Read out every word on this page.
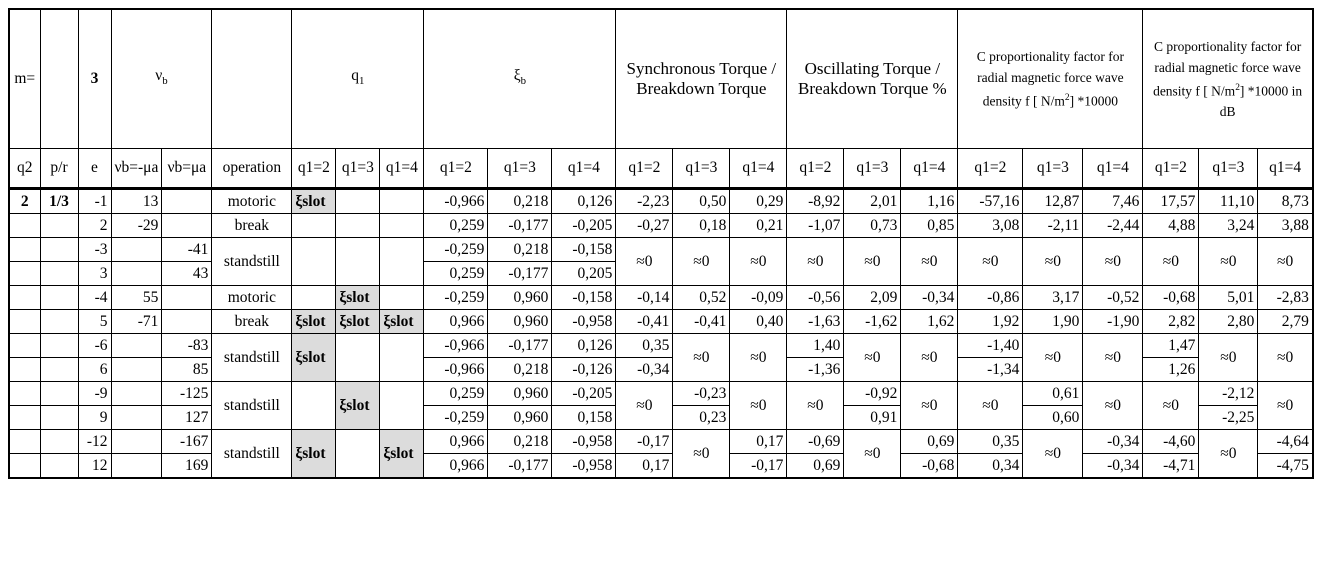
m=		3	$\nu_b$			$q_1$			$\xi_b$			Synchronous Torque / Breakdown Torque			Oscillating Torque / Breakdown Torque %			C proportionality factor for radial magnetic force wave density f [ $N/m^2$] *10000			C proportionality factor for radial magnetic force wave density f [ $N/m^2$] *10000 in dB		
q2	p/r	e	νb=-μa	νb=μa	operation	q1=2	q1=3	q1=4	q1=2	q1=3	q1=4	q1=2	q1=3	q1=4	q1=2	q1=3	q1=4	q1=2	q1=3	q1=4	q1=2	q1=3	q1=4
2	1/3	-1	13		motoric	ξslot			-0,966	0,218	0,126	-2,23	0,50	0,29	-8,92	2,01	1,16	-57,16	12,87	7,46	17,57	11,10	8,73
		2	-29		break				0,259	-0,177	-0,205	-0,27	0,18	0,21	-1,07	0,73	0,85	3,08	-2,11	-2,44	4,88	3,24	3,88
		-3		-41	standstill				-0,259	0,218	-0,158	≈0	≈0	≈0	≈0	≈0	≈0	≈0	≈0	≈0	≈0	≈0	≈0
		3		43					0,259	-0,177	0,205												
		-4	55		motoric		ξslot		-0,259	0,960	-0,158	-0,14	0,52	-0,09	-0,56	2,09	-0,34	-0,86	3,17	-0,52	-0,68	5,01	-2,83
		5	-71		break	ξslot	ξslot	ξslot	0,966	0,960	-0,958	-0,41	-0,41	0,40	-1,63	-1,62	1,62	1,92	1,90	-1,90	2,82	2,80	2,79
		-6		-83	standstill	ξslot			-0,966	-0,177	0,126	0,35	≈0	≈0	1,40	≈0	≈0	-1,40	≈0	≈0	1,47	≈0	≈0
		6		85					-0,966	0,218	-0,126	-0,34			-1,36			-1,34			1,26		
		-9		-125	standstill		ξslot		0,259	0,960	-0,205	≈0	-0,23	≈0	≈0	-0,92	≈0	≈0	0,61	≈0	≈0	-2,12	≈0
		9		127					-0,259	0,960	0,158		0,23			0,91			0,60			-2,25	
		-12		-167	standstill	ξslot		ξslot	0,966	0,218	-0,958	-0,17	≈0	0,17	-0,69	≈0	0,69	0,35	≈0	-0,34	-4,60	≈0	-4,64
		12		169					0,966	-0,177	-0,958	0,17		-0,17	0,69		-0,68	0,34		-0,34	-4,71		-4,75
